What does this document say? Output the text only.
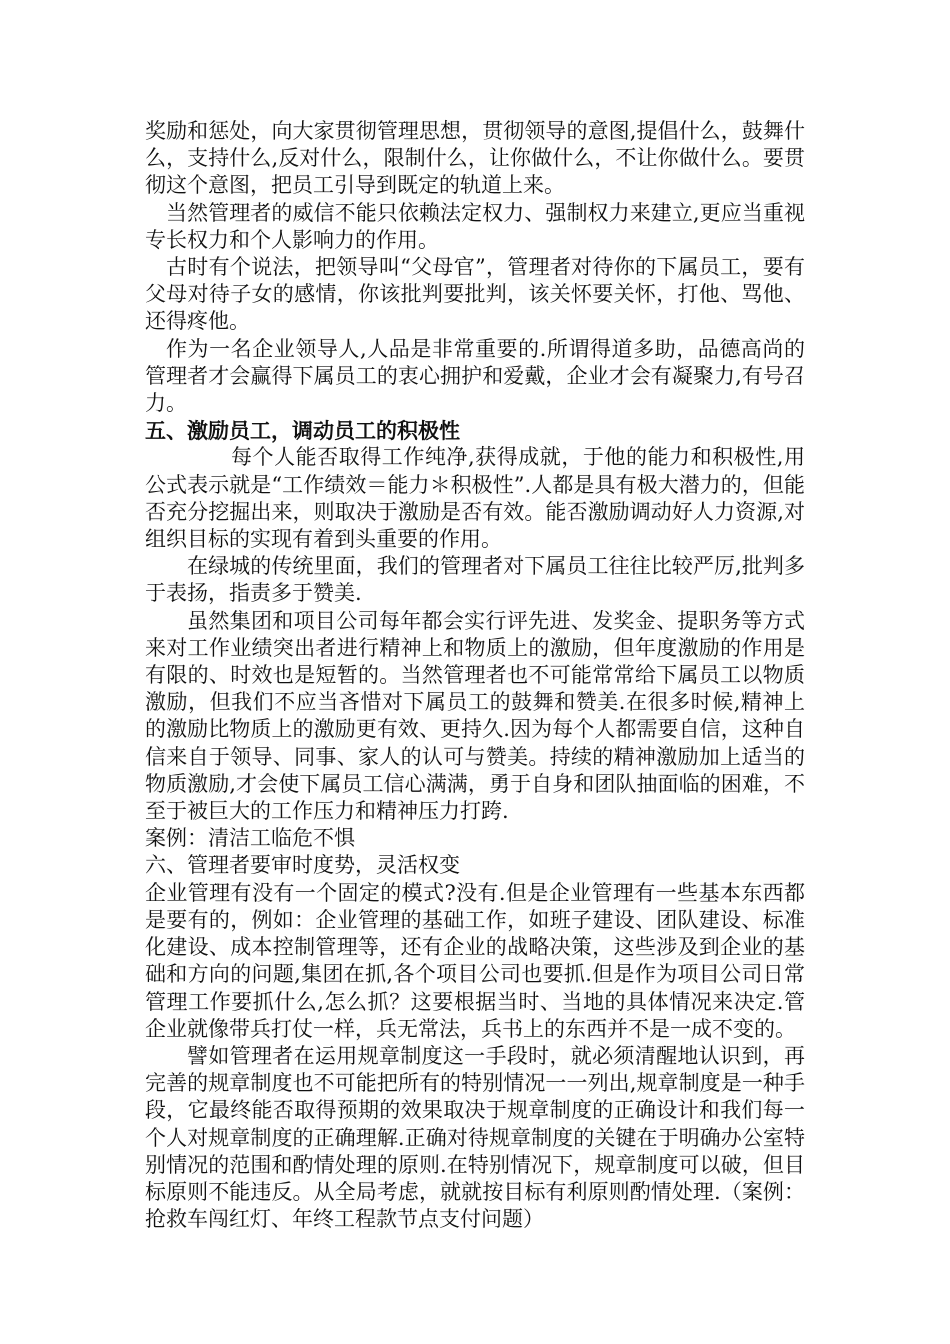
奖励和惩处，向大家贯彻管理思想，贯彻领导的意图,提倡什么，鼓舞什么，支持什么,反对什么，限制什么，让你做什么，不让你做什么。要贯彻这个意图，把员工引导到既定的轨道上来。

当然管理者的威信不能只依赖法定权力、强制权力来建立,更应当重视专长权力和个人影响力的作用。

古时有个说法，把领导叫“父母官”，管理者对待你的下属员工，要有父母对待子女的感情，你该批判要批判，该关怀要关怀，打他、骂他、还得疼他。

作为一名企业领导人,人品是非常重要的.所谓得道多助，品德高尚的管理者才会赢得下属员工的衷心拥护和爱戴，企业才会有凝聚力,有号召力。

五、激励员工，调动员工的积极性

每个人能否取得工作纯净,获得成就，于他的能力和积极性,用公式表示就是“工作绩效＝能力＊积极性”.人都是具有极大潜力的，但能否充分挖掘出来，则取决于激励是否有效。能否激励调动好人力资源,对组织目标的实现有着到头重要的作用。

在绿城的传统里面，我们的管理者对下属员工往往比较严厉,批判多于表扬，指责多于赞美.

虽然集团和项目公司每年都会实行评先进、发奖金、提职务等方式来对工作业绩突出者进行精神上和物质上的激励，但年度激励的作用是有限的、时效也是短暂的。当然管理者也不可能常常给下属员工以物质激励，但我们不应当吝惜对下属员工的鼓舞和赞美.在很多时候,精神上的激励比物质上的激励更有效、更持久.因为每个人都需要自信，这种自信来自于领导、同事、家人的认可与赞美。持续的精神激励加上适当的物质激励,才会使下属员工信心满满，勇于自身和团队抽面临的困难，不至于被巨大的工作压力和精神压力打跨.

案例：清洁工临危不惧

六、管理者要审时度势，灵活权变

企业管理有没有一个固定的模式?没有.但是企业管理有一些基本东西都是要有的，例如：企业管理的基础工作，如班子建设、团队建设、标准化建设、成本控制管理等，还有企业的战略决策，这些涉及到企业的基础和方向的问题,集团在抓,各个项目公司也要抓.但是作为项目公司日常管理工作要抓什么,怎么抓？这要根据当时、当地的具体情况来决定.管企业就像带兵打仗一样，兵无常法，兵书上的东西并不是一成不变的。

譬如管理者在运用规章制度这一手段时，就必须清醒地认识到，再完善的规章制度也不可能把所有的特别情况一一列出,规章制度是一种手段，它最终能否取得预期的效果取决于规章制度的正确设计和我们每一个人对规章制度的正确理解.正确对待规章制度的关键在于明确办公室特别情况的范围和酌情处理的原则.在特别情况下，规章制度可以破，但目标原则不能违反。从全局考虑，就就按目标有利原则酌情处理.（案例：抢救车闯红灯、年终工程款节点支付问题）
